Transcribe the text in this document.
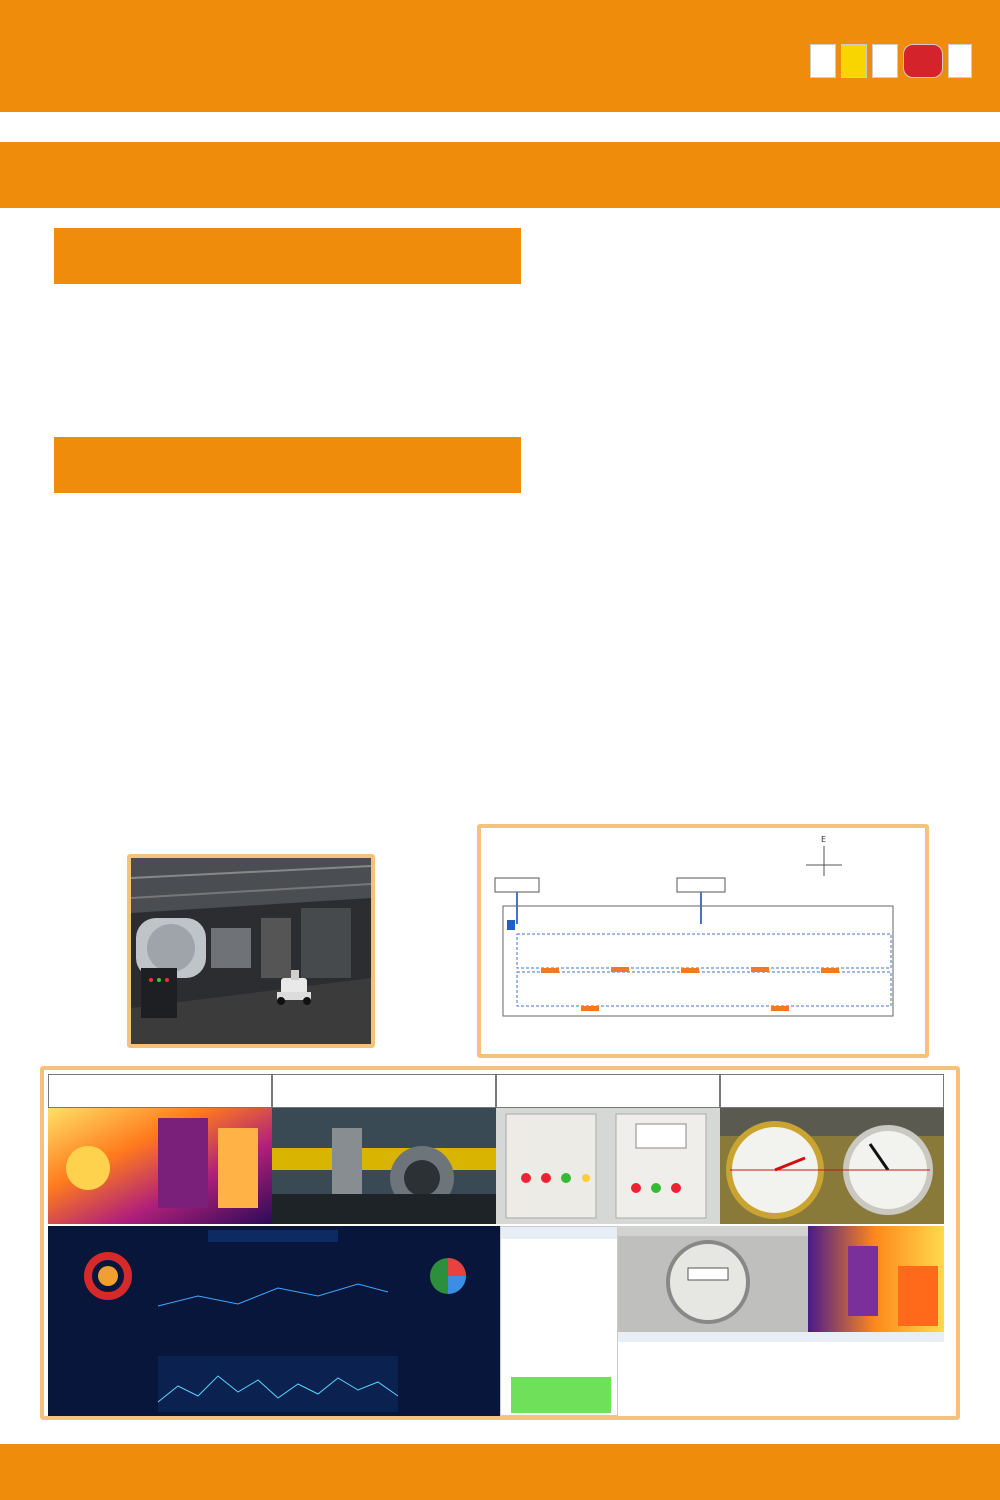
E
